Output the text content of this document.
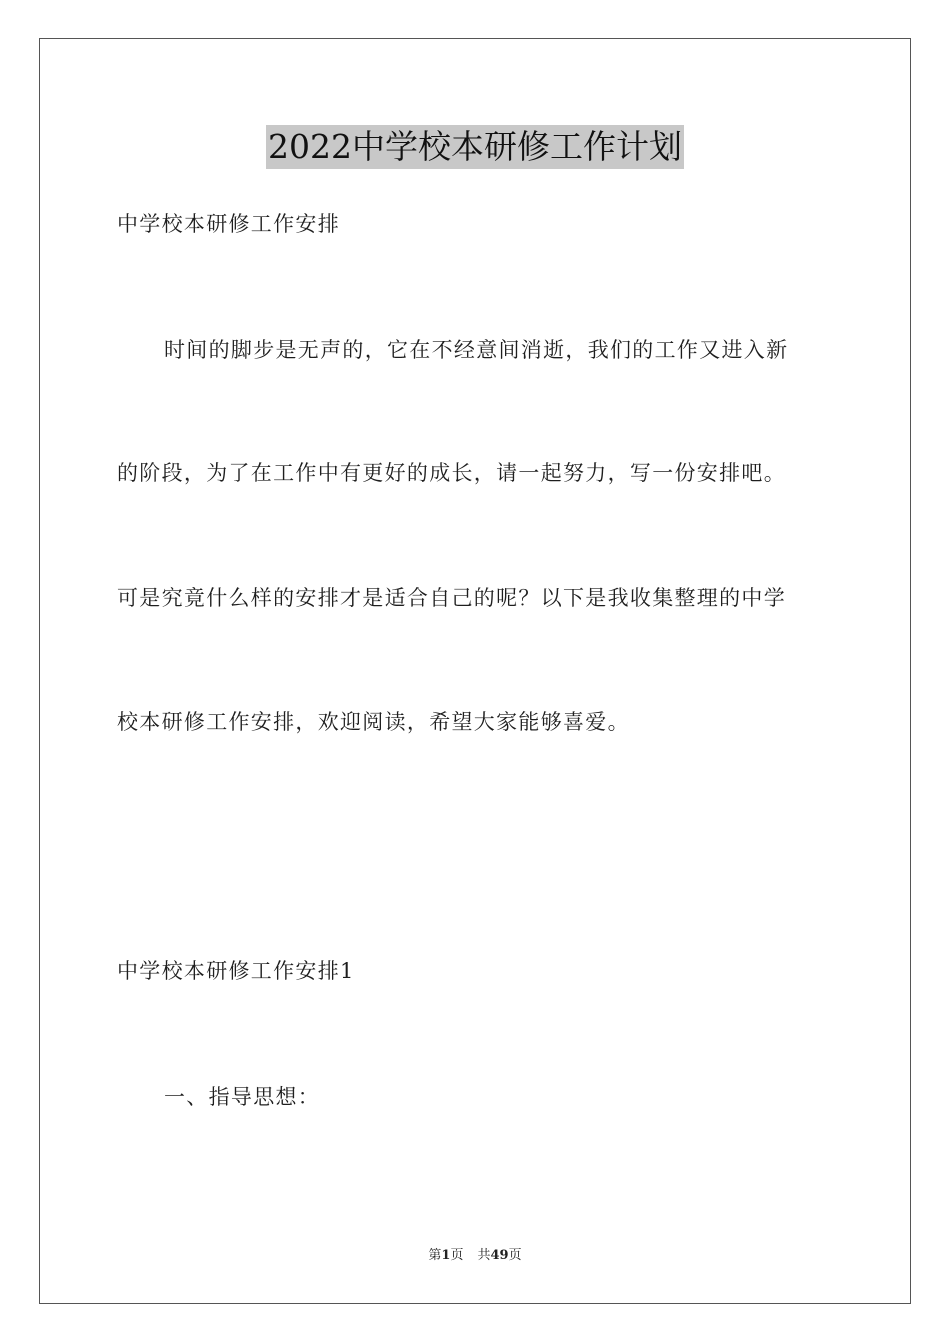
2022中学校本研修工作计划
中学校本研修工作安排
时间的脚步是无声的，它在不经意间消逝，我们的工作又进入新
的阶段，为了在工作中有更好的成长，请一起努力，写一份安排吧。
可是究竟什么样的安排才是适合自己的呢？以下是我收集整理的中学
校本研修工作安排，欢迎阅读，希望大家能够喜爱。
中学校本研修工作安排1
一、指导思想：
第1页 共49页
